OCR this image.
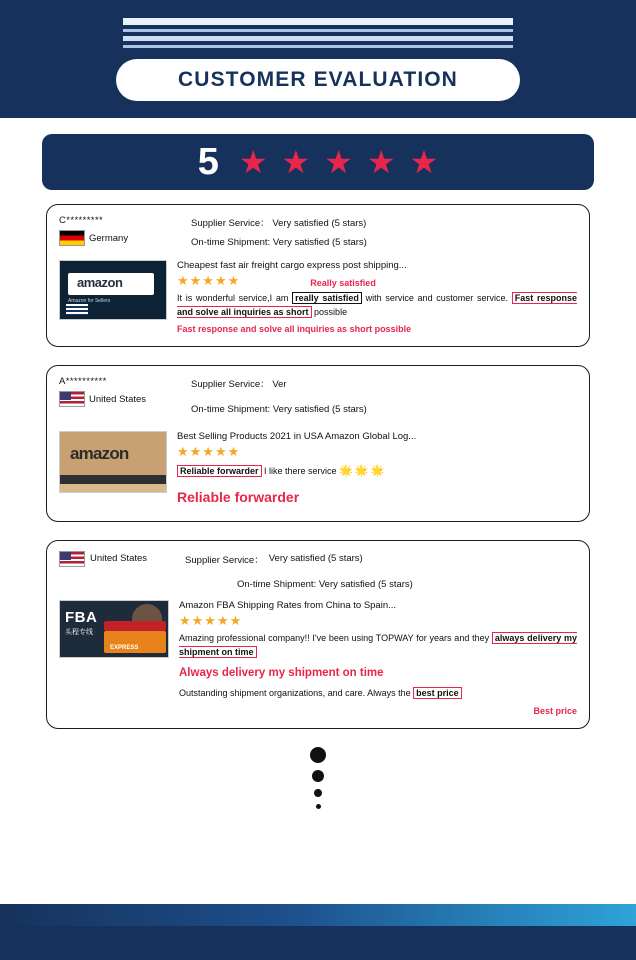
CUSTOMER EVALUATION
5 ★ ★ ★ ★ ★
C*********
Germany
Supplier Service： Very satisfied (5 stars)
On-time Shipment: Very satisfied (5 stars)
amazon
Amazon for Sellers
Cheapest fast air freight cargo express post shipping...
★★★★★	Really satisfied
It is wonderful service,I am really satisfied with service and customer service. Fast response and solve all inquiries as short possible
Fast response and solve all inquiries as short possible
A**********
United States
Supplier Service： Ver
On-time Shipment: Very satisfied (5 stars)
amazon
Best Selling Products 2021 in USA Amazon Global Log...
★★★★★
Reliable forwarder I like there service 🌟🌟🌟
Reliable forwarder
United States	Supplier Service： Very satisfied (5 stars)
On-time Shipment: Very satisfied (5 stars)
FBA
头程专线
EXPRESS
Amazon FBA Shipping Rates from China to Spain...
★★★★★
Amazing professional company!! I've been using TOPWAY for years and they always delivery my shipment on time
Always delivery my shipment on time
Outstanding shipment organizations, and care. Always the best price
Best price
